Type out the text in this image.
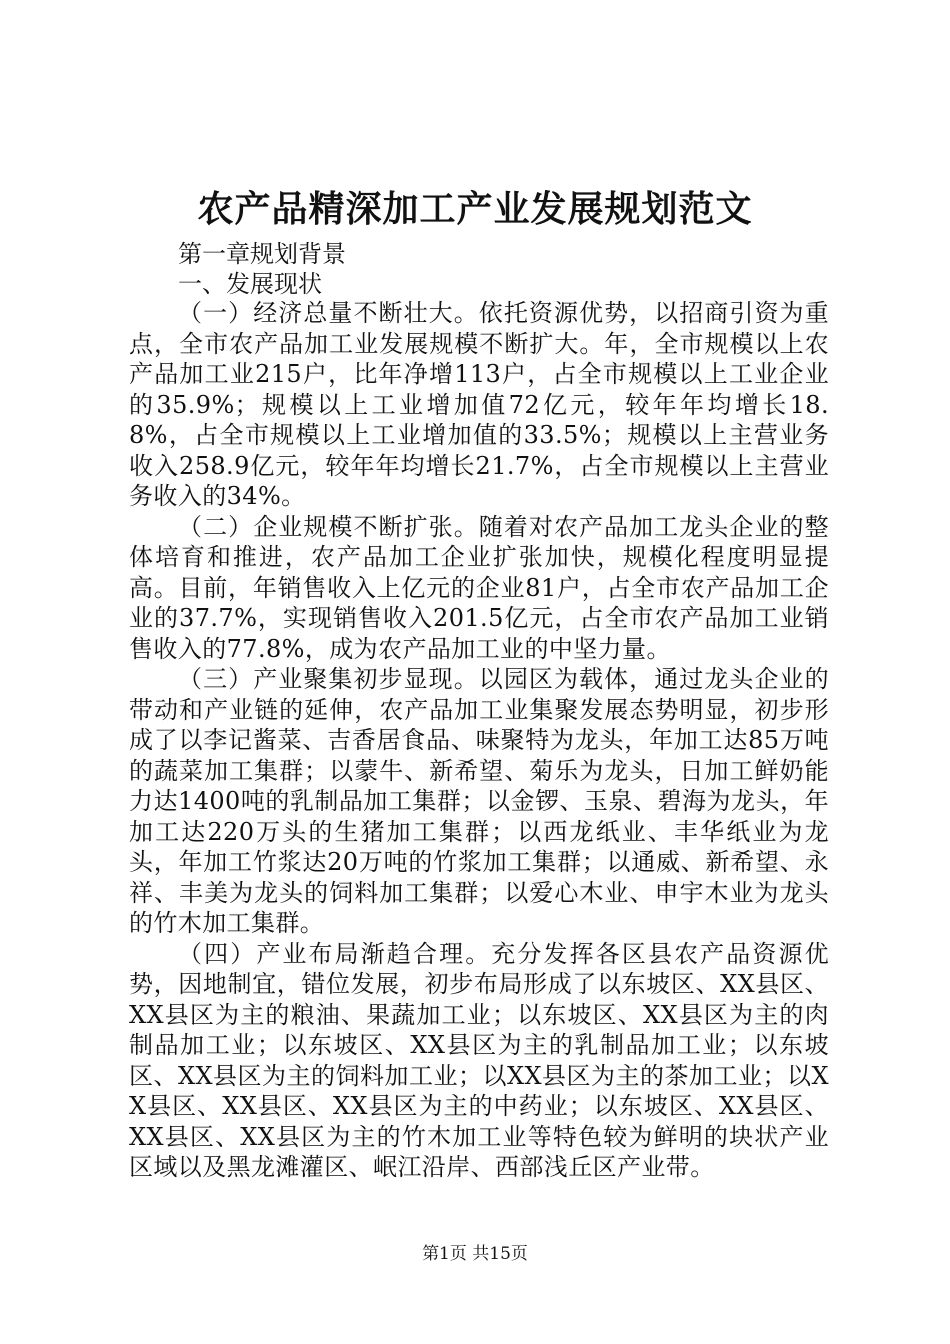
农产品精深加工产业发展规划范文

第一章规划背景

一、发展现状

（一）经济总量不断壮大。依托资源优势，以招商引资为重点，全市农产品加工业发展规模不断扩大。年，全市规模以上农产品加工业215户，比年净增113户，占全市规模以上工业企业的35.9%；规模以上工业增加值72亿元，较年年均增长18.8%，占全市规模以上工业增加值的33.5%；规模以上主营业务收入258.9亿元，较年年均增长21.7%，占全市规模以上主营业务收入的34%。

（二）企业规模不断扩张。随着对农产品加工龙头企业的整体培育和推进，农产品加工企业扩张加快，规模化程度明显提高。目前，年销售收入上亿元的企业81户，占全市农产品加工企业的37.7%，实现销售收入201.5亿元，占全市农产品加工业销售收入的77.8%，成为农产品加工业的中坚力量。

（三）产业聚集初步显现。以园区为载体，通过龙头企业的带动和产业链的延伸，农产品加工业集聚发展态势明显，初步形成了以李记酱菜、吉香居食品、味聚特为龙头，年加工达85万吨的蔬菜加工集群；以蒙牛、新希望、菊乐为龙头，日加工鲜奶能力达1400吨的乳制品加工集群；以金锣、玉泉、碧海为龙头，年加工达220万头的生猪加工集群；以西龙纸业、丰华纸业为龙头，年加工竹浆达20万吨的竹浆加工集群；以通威、新希望、永祥、丰美为龙头的饲料加工集群；以爱心木业、申宇木业为龙头的竹木加工集群。

（四）产业布局渐趋合理。充分发挥各区县农产品资源优势，因地制宜，错位发展，初步布局形成了以东坡区、XX县区、XX县区为主的粮油、果蔬加工业；以东坡区、XX县区为主的肉制品加工业；以东坡区、XX县区为主的乳制品加工业；以东坡区、XX县区为主的饲料加工业；以XX县区为主的茶加工业；以XX县区、XX县区、XX县区为主的中药业；以东坡区、XX县区、XX县区、XX县区为主的竹木加工业等特色较为鲜明的块状产业区域以及黑龙滩灌区、岷江沿岸、西部浅丘区产业带。

第1页 共15页
